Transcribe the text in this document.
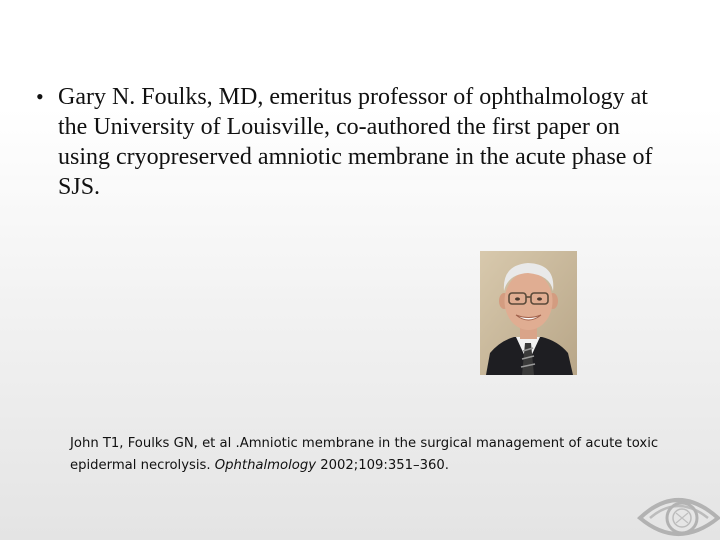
• Gary N. Foulks, MD, emeritus professor of ophthalmology at the University of Louisville, co-authored the first paper on using cryopreserved amniotic membrane in the acute phase of SJS.

John T1, Foulks GN, et al .Amniotic membrane in the surgical management of acute toxic epidermal necrolysis. Ophthalmology 2002;109:351–360.
